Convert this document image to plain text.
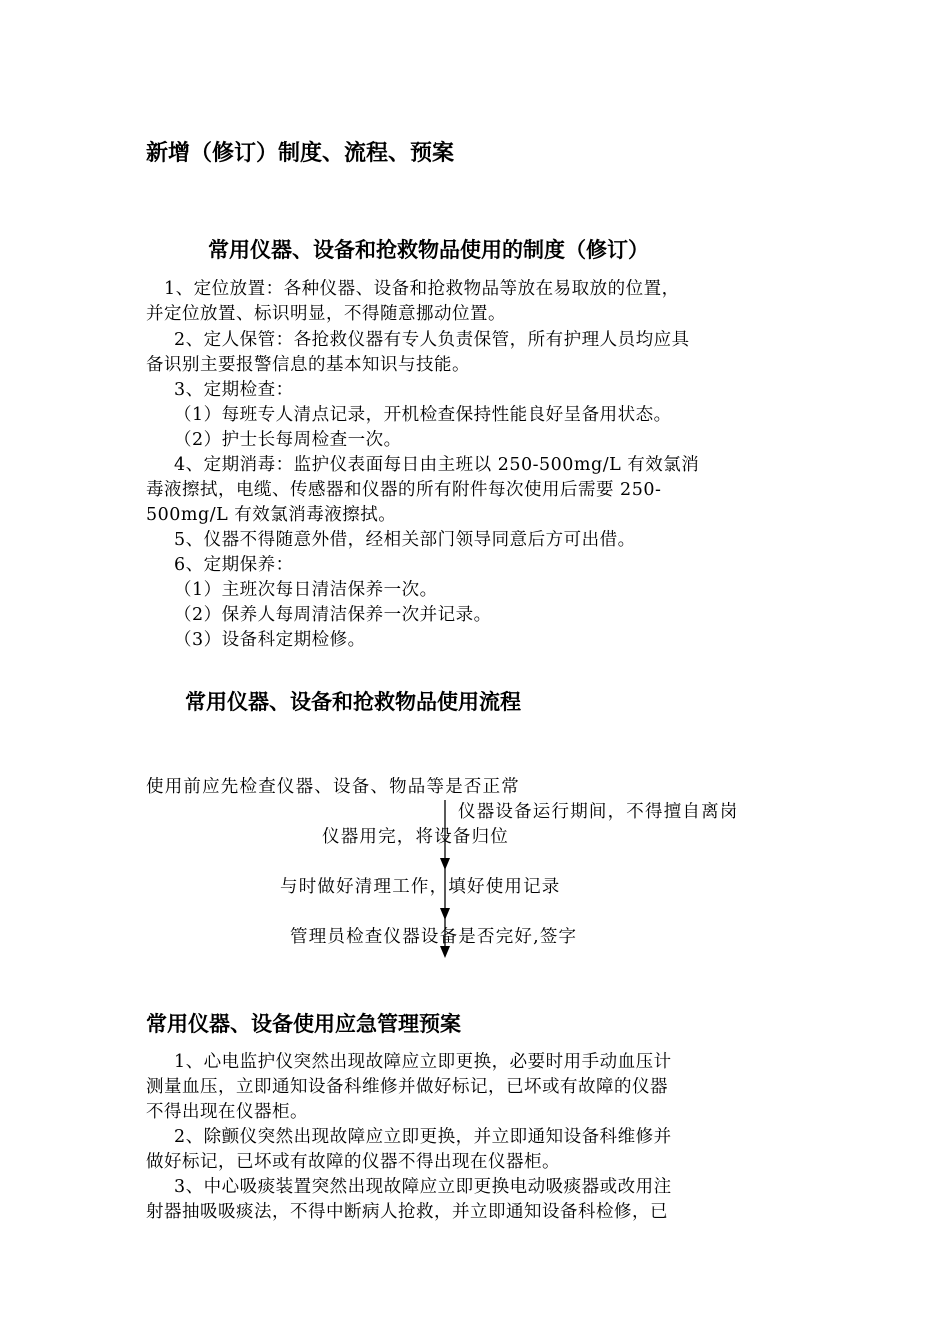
新增（修订）制度、流程、预案
常用仪器、设备和抢救物品使用的制度（修订）
1、定位放置：各种仪器、设备和抢救物品等放在易取放的位置，
并定位放置、标识明显，不得随意挪动位置。
2、定人保管：各抢救仪器有专人负责保管，所有护理人员均应具
备识别主要报警信息的基本知识与技能。
3、定期检查：
（1）每班专人清点记录，开机检查保持性能良好呈备用状态。
（2）护士长每周检查一次。
4、定期消毒：监护仪表面每日由主班以 250-500mg/L 有效氯消
毒液擦拭，电缆、传感器和仪器的所有附件每次使用后需要 250-
500mg/L 有效氯消毒液擦拭。
5、仪器不得随意外借，经相关部门领导同意后方可出借。
6、定期保养：
（1）主班次每日清洁保养一次。
（2）保养人每周清洁保养一次并记录。
（3）设备科定期检修。
常用仪器、设备和抢救物品使用流程
使用前应先检查仪器、设备、物品等是否正常
仪器设备运行期间，不得擅自离岗
仪器用完，将设备归位
与时做好清理工作，填好使用记录
管理员检查仪器设备是否完好,签字
常用仪器、设备使用应急管理预案
1、心电监护仪突然出现故障应立即更换，必要时用手动血压计
测量血压，立即通知设备科维修并做好标记，已坏或有故障的仪器
不得出现在仪器柜。
2、除颤仪突然出现故障应立即更换，并立即通知设备科维修并
做好标记，已坏或有故障的仪器不得出现在仪器柜。
3、中心吸痰装置突然出现故障应立即更换电动吸痰器或改用注
射器抽吸吸痰法，不得中断病人抢救，并立即通知设备科检修，已
